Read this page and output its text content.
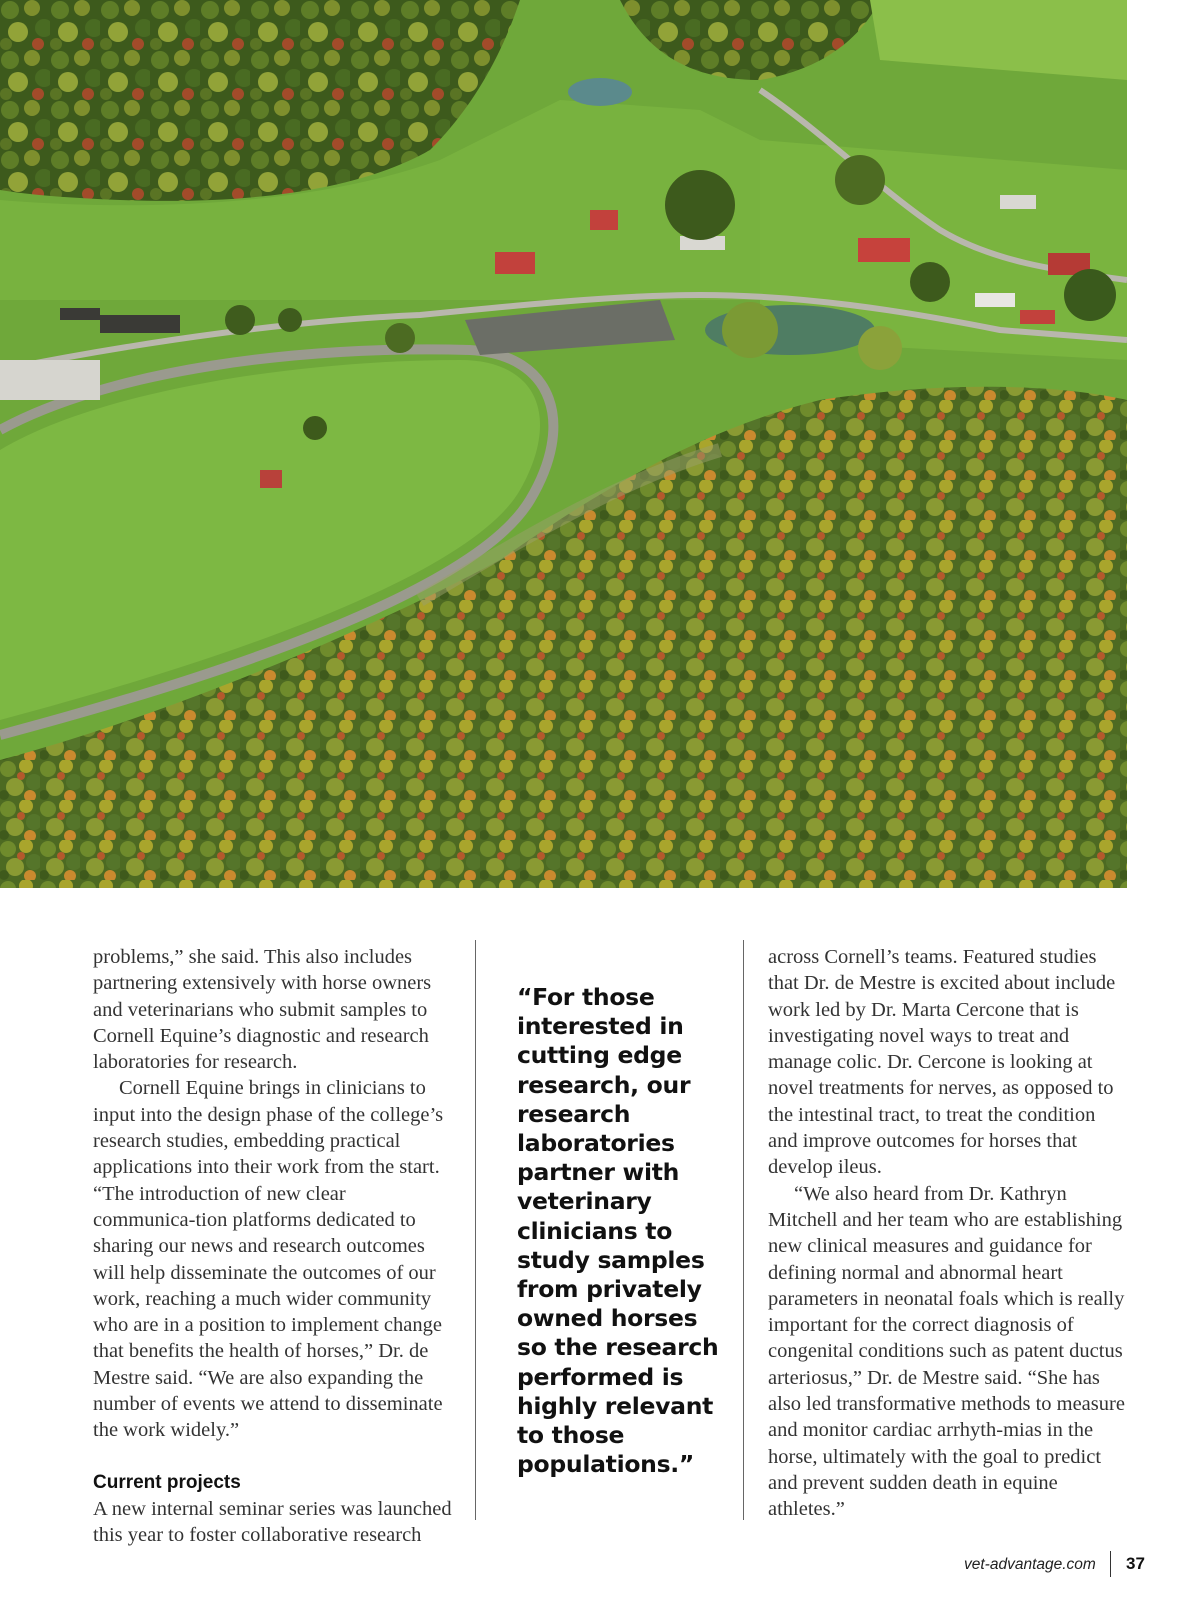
problems,” she said. This also includes partnering extensively with horse owners and veterinarians who submit samples to Cornell Equine’s diagnostic and research laboratories for research.

Cornell Equine brings in clinicians to input into the design phase of the college’s research studies, embedding practical applications into their work from the start. “The introduction of new clear communica-tion platforms dedicated to sharing our news and research outcomes will help disseminate the outcomes of our work, reaching a much wider community who are in a position to implement change that benefits the health of horses,” Dr. de Mestre said. “We are also expanding the number of events we attend to disseminate the work widely.”

Current projects

A new internal seminar series was launched this year to foster collaborative research

“For those interested in cutting edge research, our research laboratories partner with veterinary clinicians to study samples from privately owned horses so the research performed is highly relevant to those populations.”

across Cornell’s teams. Featured studies that Dr. de Mestre is excited about include work led by Dr. Marta Cercone that is investigating novel ways to treat and manage colic. Dr. Cercone is looking at novel treatments for nerves, as opposed to the intestinal tract, to treat the condition and improve outcomes for horses that develop ileus.

“We also heard from Dr. Kathryn Mitchell and her team who are establishing new clinical measures and guidance for defining normal and abnormal heart parameters in neonatal foals which is really important for the correct diagnosis of congenital conditions such as patent ductus arteriosus,” Dr. de Mestre said. “She has also led transformative methods to measure and monitor cardiac arrhyth-mias in the horse, ultimately with the goal to predict and prevent sudden death in equine athletes.”

vet-advantage.com 37
